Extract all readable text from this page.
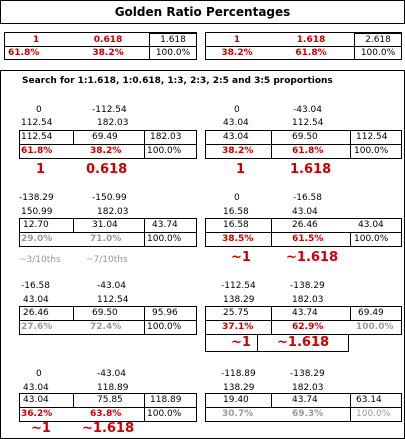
Golden Ratio Percentages
1	0.618	1.618
61.8%	38.2%	100.0%
1	1.618	2.618
38.2%	61.8%	100.0%
Search for 1:1.618, 1:0.618, 1:3, 2:3, 2:5 and 3:5 proportions
0	-112.54
112.54	182.03
112.54	69.49	182.03
61.8%	38.2%	100.0%
1	0.618
0	-43.04
43.04	112.54
43.04	69.50	112.54
38.2%	61.8%	100.0%
1	1.618
-138.29	-150.99
150.99	182.03
12.70	31.04	43.74
29.0%	71.0%	100.0%
~3/10ths	~7/10ths
0	-16.58
16.58	43.04
16.58	26.46	43.04
38.5%	61.5%	100.0%
~1	~1.618
-16.58	-43.04
43.04	112.54
26.46	69.50	95.96
27.6%	72.4%	100.0%
-112.54	-138.29
138.29	182.03
25.75	43.74	69.49
37.1%	62.9%	100.0%
~1 ~1.618
0	-43.04
43.04	118.89
43.04	75.85	118.89
36.2%	63.8%	100.0%
~1 ~1.618
-118.89	-138.29
138.29	182.03
19.40	43.74	63.14
30.7%	69.3%	100.0%
